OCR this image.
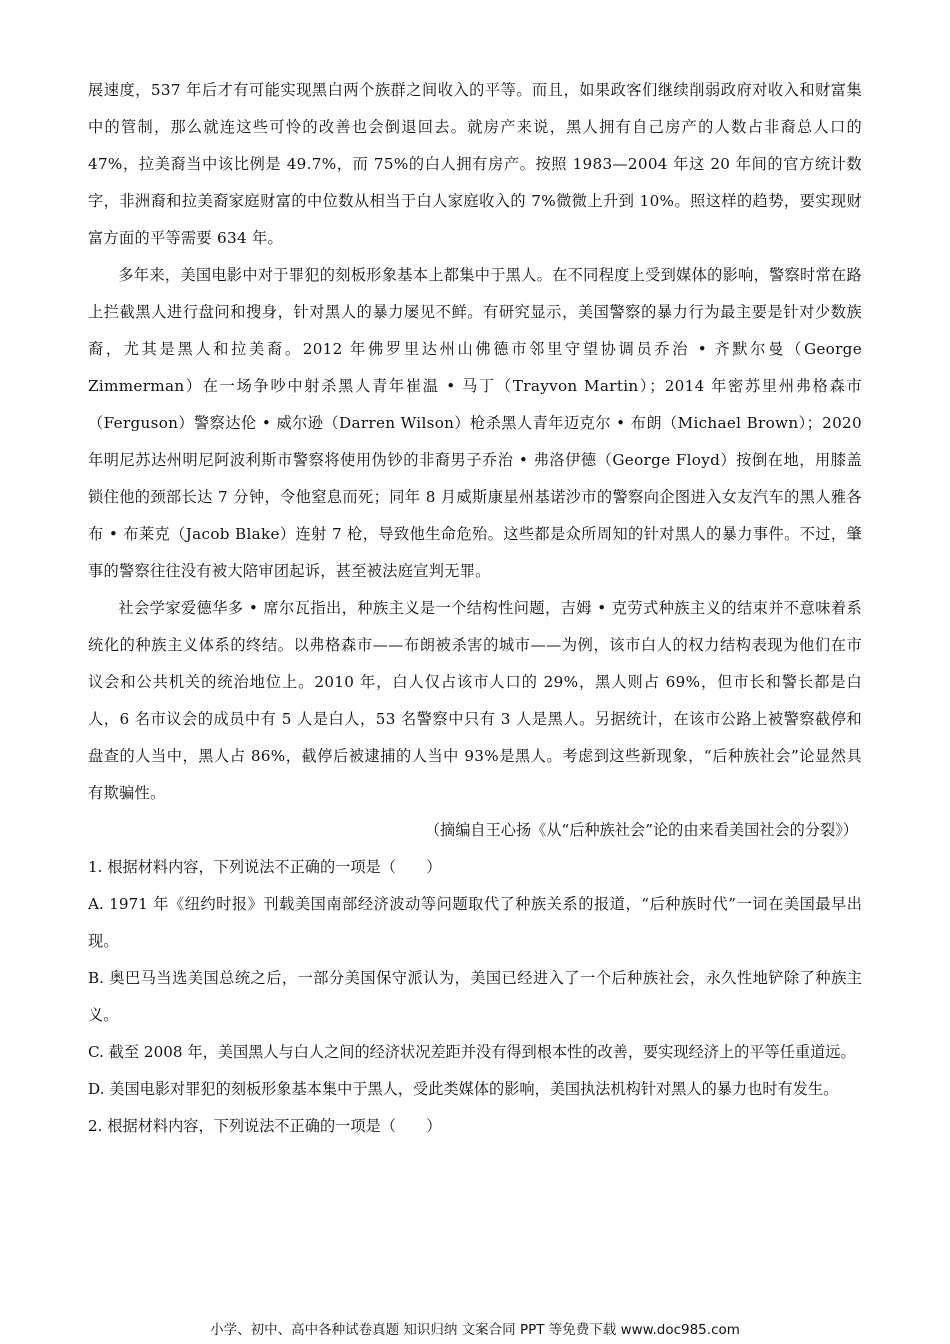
展速度，537 年后才有可能实现黑白两个族群之间收入的平等。而且，如果政客们继续削弱政府对收入和财富集中的管制，那么就连这些可怜的改善也会倒退回去。就房产来说，黑人拥有自己房产的人数占非裔总人口的 47%，拉美裔当中该比例是 49.7%，而 75%的白人拥有房产。按照 1983—2004 年这 20 年间的官方统计数字，非洲裔和拉美裔家庭财富的中位数从相当于白人家庭收入的 7%微微上升到 10%。照这样的趋势，要实现财富方面的平等需要 634 年。

多年来，美国电影中对于罪犯的刻板形象基本上都集中于黑人。在不同程度上受到媒体的影响，警察时常在路上拦截黑人进行盘问和搜身，针对黑人的暴力屡见不鲜。有研究显示，美国警察的暴力行为最主要是针对少数族裔，尤其是黑人和拉美裔。2012 年佛罗里达州山佛德市邻里守望协调员乔治 • 齐默尔曼（George Zimmerman）在一场争吵中射杀黑人青年崔温 • 马丁（Trayvon Martin）；2014 年密苏里州弗格森市（Ferguson）警察达伦 • 威尔逊（Darren Wilson）枪杀黑人青年迈克尔 • 布朗（Michael Brown）；2020 年明尼苏达州明尼阿波利斯市警察将使用伪钞的非裔男子乔治 • 弗洛伊德（George Floyd）按倒在地，用膝盖锁住他的颈部长达 7 分钟，令他窒息而死；同年 8 月威斯康星州基诺沙市的警察向企图进入女友汽车的黑人雅各布 • 布莱克（Jacob Blake）连射 7 枪，导致他生命危殆。这些都是众所周知的针对黑人的暴力事件。不过，肇事的警察往往没有被大陪审团起诉，甚至被法庭宣判无罪。

社会学家爱德华多 • 席尔瓦指出，种族主义是一个结构性问题，吉姆 • 克劳式种族主义的结束并不意味着系统化的种族主义体系的终结。以弗格森市——布朗被杀害的城市——为例，该市白人的权力结构表现为他们在市议会和公共机关的统治地位上。2010 年，白人仅占该市人口的 29%，黑人则占 69%，但市长和警长都是白人，6 名市议会的成员中有 5 人是白人，53 名警察中只有 3 人是黑人。另据统计，在该市公路上被警察截停和盘查的人当中，黑人占 86%，截停后被逮捕的人当中 93%是黑人。考虑到这些新现象，“后种族社会”论显然具有欺骗性。

（摘编自王心扬《从“后种族社会”论的由来看美国社会的分裂》）

1. 根据材料内容，下列说法不正确的一项是（　　）

A. 1971 年《纽约时报》刊载美国南部经济波动等问题取代了种族关系的报道，“后种族时代”一词在美国最早出现。

B. 奥巴马当选美国总统之后，一部分美国保守派认为，美国已经进入了一个后种族社会，永久性地铲除了种族主义。

C. 截至 2008 年，美国黑人与白人之间的经济状况差距并没有得到根本性的改善，要实现经济上的平等任重道远。

D. 美国电影对罪犯的刻板形象基本集中于黑人，受此类媒体的影响，美国执法机构针对黑人的暴力也时有发生。

2. 根据材料内容，下列说法不正确的一项是（　　）

小学、初中、高中各种试卷真题 知识归纳 文案合同 PPT 等免费下载 www.doc985.com
